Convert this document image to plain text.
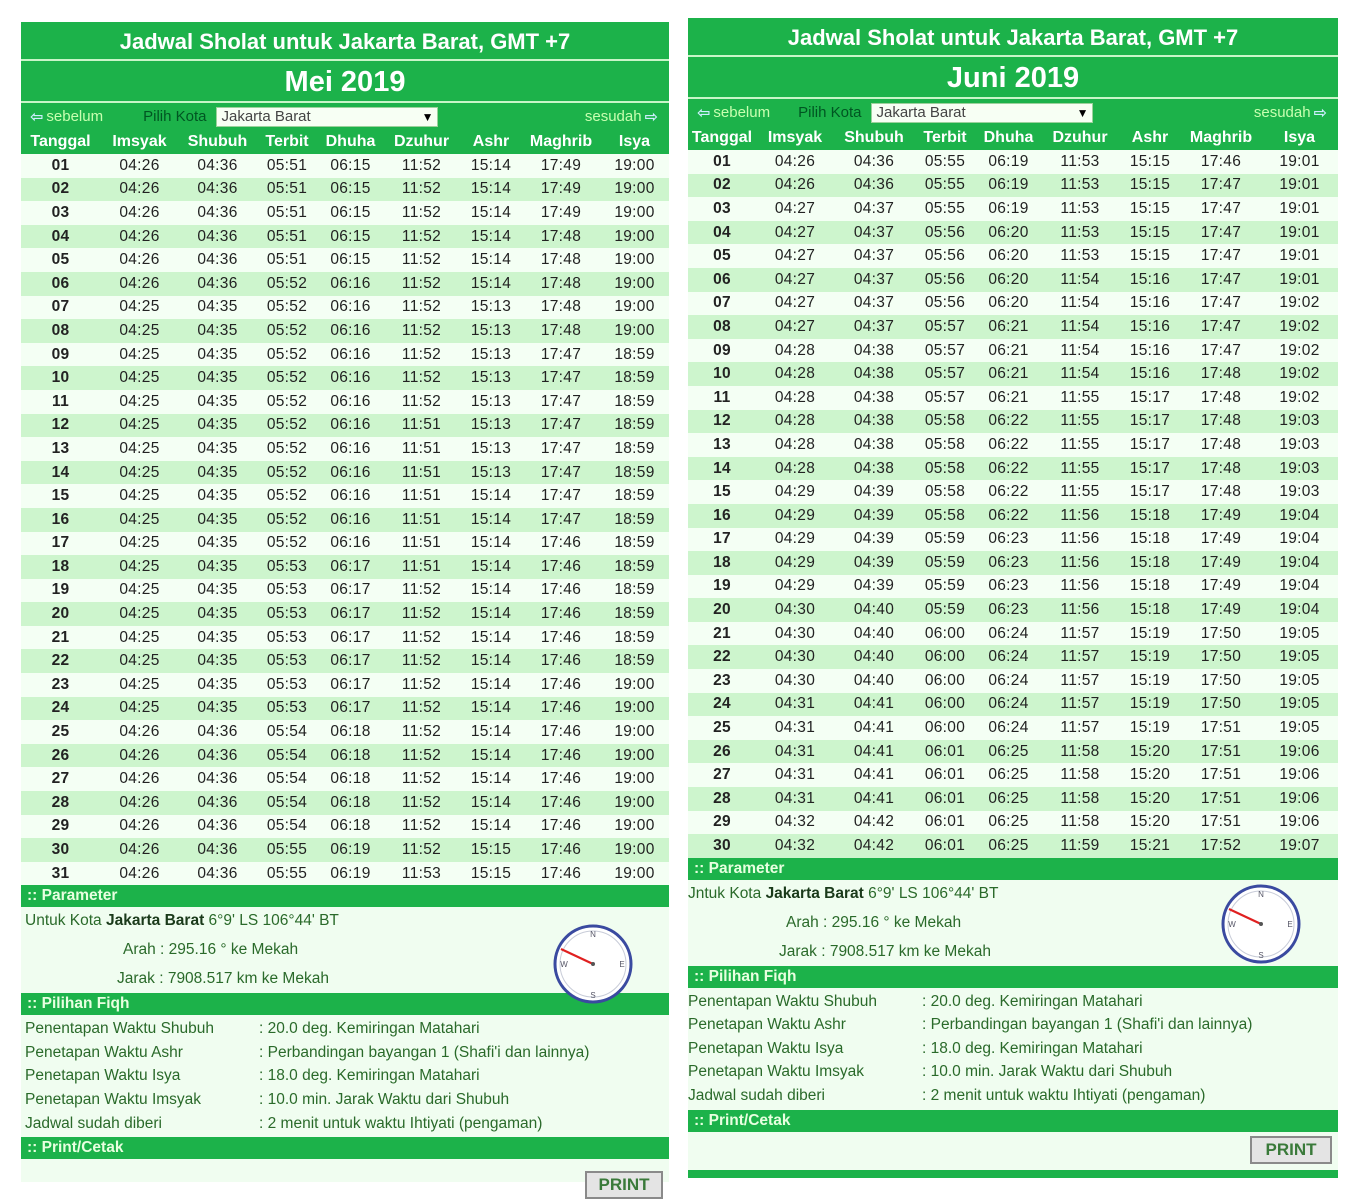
Jadwal Sholat untuk Jakarta Barat, GMT +7
Mei 2019
⇦ sebelum	Pilih Kota Jakarta Barat	▼	sesudah ⇨
Tanggal	Imsyak	Shubuh	Terbit	Dhuha	Dzuhur	Ashr	Maghrib	Isya
01	04:26	04:36	05:51	06:15	11:52	15:14	17:49	19:00
02	04:26	04:36	05:51	06:15	11:52	15:14	17:49	19:00
03	04:26	04:36	05:51	06:15	11:52	15:14	17:49	19:00
04	04:26	04:36	05:51	06:15	11:52	15:14	17:48	19:00
05	04:26	04:36	05:51	06:15	11:52	15:14	17:48	19:00
06	04:26	04:36	05:52	06:16	11:52	15:14	17:48	19:00
07	04:25	04:35	05:52	06:16	11:52	15:13	17:48	19:00
08	04:25	04:35	05:52	06:16	11:52	15:13	17:48	19:00
09	04:25	04:35	05:52	06:16	11:52	15:13	17:47	18:59
10	04:25	04:35	05:52	06:16	11:52	15:13	17:47	18:59
11	04:25	04:35	05:52	06:16	11:52	15:13	17:47	18:59
12	04:25	04:35	05:52	06:16	11:51	15:13	17:47	18:59
13	04:25	04:35	05:52	06:16	11:51	15:13	17:47	18:59
14	04:25	04:35	05:52	06:16	11:51	15:13	17:47	18:59
15	04:25	04:35	05:52	06:16	11:51	15:14	17:47	18:59
16	04:25	04:35	05:52	06:16	11:51	15:14	17:47	18:59
17	04:25	04:35	05:52	06:16	11:51	15:14	17:46	18:59
18	04:25	04:35	05:53	06:17	11:51	15:14	17:46	18:59
19	04:25	04:35	05:53	06:17	11:52	15:14	17:46	18:59
20	04:25	04:35	05:53	06:17	11:52	15:14	17:46	18:59
21	04:25	04:35	05:53	06:17	11:52	15:14	17:46	18:59
22	04:25	04:35	05:53	06:17	11:52	15:14	17:46	18:59
23	04:25	04:35	05:53	06:17	11:52	15:14	17:46	19:00
24	04:25	04:35	05:53	06:17	11:52	15:14	17:46	19:00
25	04:26	04:36	05:54	06:18	11:52	15:14	17:46	19:00
26	04:26	04:36	05:54	06:18	11:52	15:14	17:46	19:00
27	04:26	04:36	05:54	06:18	11:52	15:14	17:46	19:00
28	04:26	04:36	05:54	06:18	11:52	15:14	17:46	19:00
29	04:26	04:36	05:54	06:18	11:52	15:14	17:46	19:00
30	04:26	04:36	05:55	06:19	11:52	15:15	17:46	19:00
31	04:26	04:36	05:55	06:19	11:53	15:15	17:46	19:00
:: Parameter
Untuk Kota Jakarta Barat 6°9' LS 106°44' BT
Arah : 295.16 ° ke Mekah
Jarak : 7908.517 km ke Mekah
N
E
S
W
:: Pilihan Fiqh
Penentapan Waktu Shubuh	: 20.0 deg. Kemiringan Matahari
Penetapan Waktu Ashr	: Perbandingan bayangan 1 (Shafi'i dan lainnya)
Penetapan Waktu Isya	: 18.0 deg. Kemiringan Matahari
Penetapan Waktu Imsyak	: 10.0 min. Jarak Waktu dari Shubuh
Jadwal sudah diberi	: 2 menit untuk waktu Ihtiyati (pengaman)
:: Print/Cetak
PRINT
Jadwal Sholat untuk Jakarta Barat, GMT +7
Juni 2019
⇦ sebelum Pilih Kota Jakarta Barat	▼	sesudah ⇨
Tanggal	Imsyak	Shubuh	Terbit	Dhuha	Dzuhur	Ashr	Maghrib	Isya
01	04:26	04:36	05:55	06:19	11:53	15:15	17:46	19:01
02	04:26	04:36	05:55	06:19	11:53	15:15	17:47	19:01
03	04:27	04:37	05:55	06:19	11:53	15:15	17:47	19:01
04	04:27	04:37	05:56	06:20	11:53	15:15	17:47	19:01
05	04:27	04:37	05:56	06:20	11:53	15:15	17:47	19:01
06	04:27	04:37	05:56	06:20	11:54	15:16	17:47	19:01
07	04:27	04:37	05:56	06:20	11:54	15:16	17:47	19:02
08	04:27	04:37	05:57	06:21	11:54	15:16	17:47	19:02
09	04:28	04:38	05:57	06:21	11:54	15:16	17:47	19:02
10	04:28	04:38	05:57	06:21	11:54	15:16	17:48	19:02
11	04:28	04:38	05:57	06:21	11:55	15:17	17:48	19:02
12	04:28	04:38	05:58	06:22	11:55	15:17	17:48	19:03
13	04:28	04:38	05:58	06:22	11:55	15:17	17:48	19:03
14	04:28	04:38	05:58	06:22	11:55	15:17	17:48	19:03
15	04:29	04:39	05:58	06:22	11:55	15:17	17:48	19:03
16	04:29	04:39	05:58	06:22	11:56	15:18	17:49	19:04
17	04:29	04:39	05:59	06:23	11:56	15:18	17:49	19:04
18	04:29	04:39	05:59	06:23	11:56	15:18	17:49	19:04
19	04:29	04:39	05:59	06:23	11:56	15:18	17:49	19:04
20	04:30	04:40	05:59	06:23	11:56	15:18	17:49	19:04
21	04:30	04:40	06:00	06:24	11:57	15:19	17:50	19:05
22	04:30	04:40	06:00	06:24	11:57	15:19	17:50	19:05
23	04:30	04:40	06:00	06:24	11:57	15:19	17:50	19:05
24	04:31	04:41	06:00	06:24	11:57	15:19	17:50	19:05
25	04:31	04:41	06:00	06:24	11:57	15:19	17:51	19:05
26	04:31	04:41	06:01	06:25	11:58	15:20	17:51	19:06
27	04:31	04:41	06:01	06:25	11:58	15:20	17:51	19:06
28	04:31	04:41	06:01	06:25	11:58	15:20	17:51	19:06
29	04:32	04:42	06:01	06:25	11:58	15:20	17:51	19:06
30	04:32	04:42	06:01	06:25	11:59	15:21	17:52	19:07
:: Parameter
Jntuk Kota Jakarta Barat 6°9' LS 106°44' BT
Arah : 295.16 ° ke Mekah
Jarak : 7908.517 km ke Mekah
N
E
S
W
:: Pilihan Fiqh
Penentapan Waktu Shubuh	: 20.0 deg. Kemiringan Matahari
Penetapan Waktu Ashr	: Perbandingan bayangan 1 (Shafi'i dan lainnya)
Penetapan Waktu Isya	: 18.0 deg. Kemiringan Matahari
Penetapan Waktu Imsyak	: 10.0 min. Jarak Waktu dari Shubuh
Jadwal sudah diberi	: 2 menit untuk waktu Ihtiyati (pengaman)
:: Print/Cetak
PRINT
